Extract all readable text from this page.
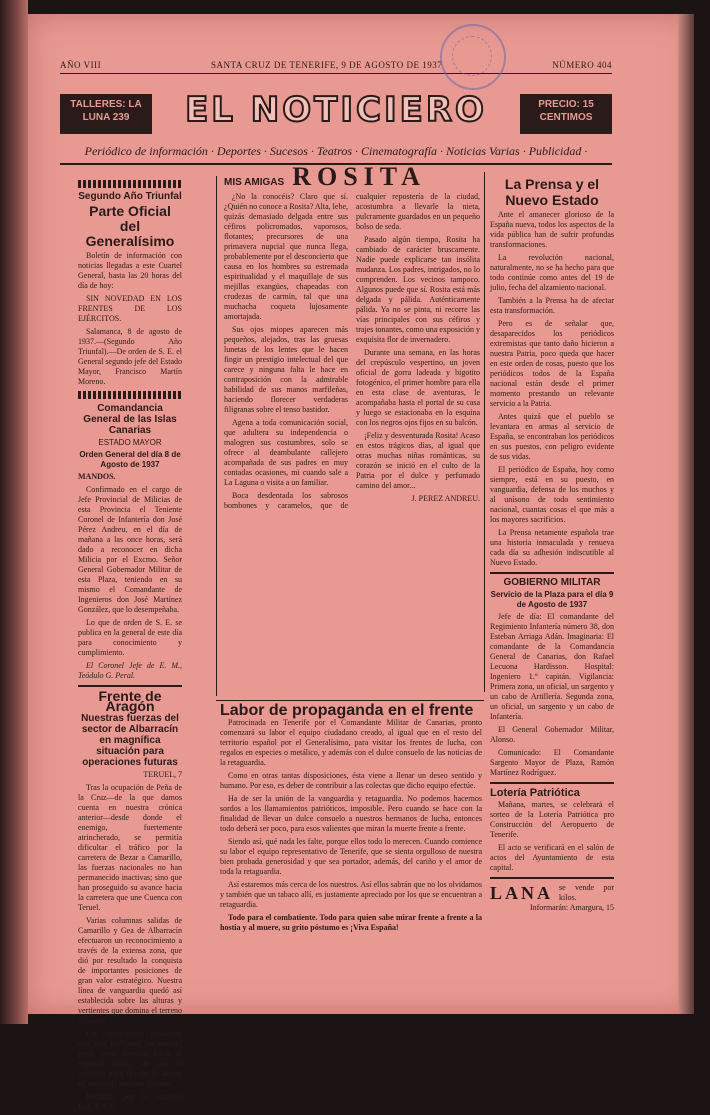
AÑO VIII	SANTA CRUZ DE TENERIFE, 9 DE AGOSTO DE 1937	NÚMERO 404
TALLERES: LA LUNA 239	EL NOTICIERO	PRECIO: 15 CENTIMOS
Periódico de información · Deportes · Sucesos · Teatros · Cinematografía · Noticias Varias · Publicidad ·
Segundo Año Triunfal
Parte Oficial del Generalísimo

Boletín de información con noticias llegadas a este Cuartel General, hasta las 20 horas del día de hoy:

SIN NOVEDAD EN LOS FRENTES DE LOS EJÉRCITOS.

Salamanca, 8 de agosto de 1937.—(Segundo Año Triunfal).—De orden de S. E. el General segundo jefe del Estado Mayor, Francisco Martín Moreno.

Comandancia General de las Islas Canarias
ESTADO MAYOR
Orden General del día 8 de Agosto de 1937

MANDOS.

Confirmado en el cargo de Jefe Provincial de Milicias de esta Provincia el Teniente Coronel de Infantería don José Pérez Andreu, en el día de mañana a las once horas, será dado a reconocer en dicha Milicia por el Excmo. Señor General Gobernador Militar de esta Plaza, teniendo en su mismo el Comandante de Ingenieros don José Martínez González, que lo desempeñaba.

Lo que de orden de S. E. se publica en la general de este día para conocimiento y cumplimiento.

El Coronel Jefe de E. M., Teódulo G. Peral.

Frente de Aragón
Nuestras fuerzas del sector de Albarracín en magnífica situación para operaciones futuras

TERUEL, 7

Tras la ocupación de Peña de la Cruz—de la que damos cuenta en nuestra crónica anterior—desde donde el enemigo, fuertemente atrincherado, se permitía dificultar el tráfico por la carretera de Bezar a Camarillo, las fuerzas nacionales no han permanecido inactivas; sino que han proseguido su avance hacia la carretera que une Cuenca con Teruel.

Varias columnas salidas de Camarillo y Gea de Albarracín efectuaron un reconocimiento a través de la extensa zona, que dió por resultado la conquista de importantes posiciones de gran valor estratégico. Nuestra línea de vanguardia quedó así establecida sobre las alturas y vertientes que domina el terreno enemigo.

Las operaciones prosiguen con gran brillantez por nuestra parte, pues avanzan hacia el objetivo fijado, sin que la aviación haya dejado de actuar en apoyo de nuestras fuerzas.

Recibido por la estación E.A.-S.A.S.

MIS AMIGAS ROSITA

¿No la conocéis? Claro que sí. ¿Quién no conoce a Rosita? Alta, lebe, quizás demasiado delgada entre sus céfiros policromados, vaporosos, flotantes; precursores de una primavera nupcial que nunca llega, probablemente por el desconcierto que causa en los hombres su estremada espiritualidad y el maquillaje de sus mejillas exangües, chapeadas con crudezas de carmín, tal que una muchacha coqueta lujosamente amortajada.

Sus ojos miopes aparecen más pequeños, alejados, tras las gruesas lunetas de los lentes que le hacen fingir un prestigio intelectual del que carece y ninguna falta le hace en contraposición con la admirable habilidad de sus manos marfileñas, haciendo florecer verdaderas filigranas sobre el tenso bastidor.

Agena a toda comunicación social, que adultera su independencia o malogren sus costumbres, solo se ofrece al deambulante callejero acompañada de sus padres en muy contadas ocasiones, mi cuando sale a La Laguna o visita a un familiar.

Boca desdentada los sabrosos bombones y caramelos, que de cualquier repostería de la ciudad, acostumbra a llevarle la nieta, pulcramente guardados en un pequeño bolso de seda.

Pasado algún tiempo, Rosita ha cambiado de carácter bruscamente. Nadie puede explicarse tan insólita mudanza. Los padres, intrigados, no lo comprenden. Los vecinos tampoco. Algunos puede que sí. Rosita está más delgada y pálida. Auténticamente pálida. Ya no se pinta, ni recorre las vías principales con sus céfiros y trajes tonantes, como una exposición y exquisita flor de invernadero.

Durante una semana, en las horas del crepúsculo vespertino, un joven oficial de gorra ladeada y bigotito fotogénico, el primer hombre para ella en esta clase de aventuras, le acompañaba hasta el portal de su casa y luego se estacionaba en la esquina con los negros ojos fijos en su balcón.

¡Feliz y desventurada Rosita! Acaso en estos trágicos días, al igual que otras muchas niñas románticas, su corazón se inició en el culto de la Patria por el dulce y perfumado camino del amor...

J. PEREZ ANDREU.

La Prensa y el Nuevo Estado

Ante el amanecer glorioso de la España nueva, todos los aspectos de la vida pública han de sufrir profundas transformaciones.

La revolución nacional, naturalmente, no se ha hecho para que todo continúe como antes del 19 de julio, fecha del alzamiento nacional.

También a la Prensa ha de afectar esta transformación.

Pero es de señalar que, desaparecidos los periódicos extremistas que tanto daño hicieron a nuestra Patria, poco queda que hacer en este orden de cosas, puesto que los periódicos todos de la España nacional están desde el primer momento prestando un relevante servicio a la Patria.

Antes quizá que el pueblo se levantara en armas al servicio de España, se encontraban los periódicos en sus puestos, con peligro evidente de sus vidas.

El periódico de España, hoy como siempre, está en su puesto, en vanguardia, defensa de los muchos y al unísono de todo sentimiento nacional, cuantas cosas el que más a los mayores sacrificios.

La Prensa netamente española trae una historia inmaculada y renueva cada día su adhesión indiscutible al Nuevo Estado.

GOBIERNO MILITAR
Servicio de la Plaza para el día 9 de Agosto de 1937

Jefe de día: El comandante del Regimiento Infantería número 38, don Esteban Arriaga Adán. Imaginaria: El comandante de la Comandancia General de Canarias, don Rafael Lecuona Hardisson. Hospital: Ingeniero 1.° capitán. Vigilancia: Primera zona, un oficial, un sargento y un cabo de Artillería. Segunda zona, un oficial, un sargento y un cabo de Infantería.

El General Gobernador Militar, Alonso.

Comunicado: El Comandante Sargento Mayor de Plaza, Ramón Martínez Rodríguez.

Lotería Patriótica

Mañana, martes, se celebrará el sorteo de la Lotería Patriótica pro Construcción del Aeropuerto de Tenerife.

El acto se verificará en el salón de actos del Ayuntamiento de esta capital.

LANA se vende por kilos.

Informarán: Amargura, 15

Labor de propaganda en el frente

Patrocinada en Tenerife por el Comandante Militar de Canarias, pronto comenzará su labor el equipo ciudadano creado, al igual que en el resto del territorio español por el Generalísimo, para visitar los frentes de lucha, con regalos en especies o metálico, y además con el dulce consuelo de las noticias de la retaguardia.

Como en otras tantas disposiciones, ésta viene a llenar un deseo sentido y humano. Por eso, es deber de contribuir a las colectas que dicho equipo efectúe.

Ha de ser la unión de la vanguardia y retaguardia. No podemos hacernos sordos a los llamamientos patrióticos, imposible. Pero cuando se hace con la finalidad de llevar un dulce consuelo a nuestros hermanos de lucha, entonces todo deberá ser poco, para esos valientes que miran la muerte frente a frente.

Siendo así, qué nada les falte, porque ellos todo lo merecen. Cuando comience su labor el equipo representativo de Tenerife, que se sienta orgulloso de nuestra bien probada generosidad y que sea portador, además, del cariño y el amor de toda la retaguardia.

Así estaremos más cerca de los nuestros. Así ellos sabrán que no los olvidamos y también que un tabaco allí, es justamente apreciado por los que se encuentran a retaguardia.

Todo para el combatiente. Todo para quien sabe mirar frente a frente a la hostia y al muere, su grito póstumo es ¡Viva España!
